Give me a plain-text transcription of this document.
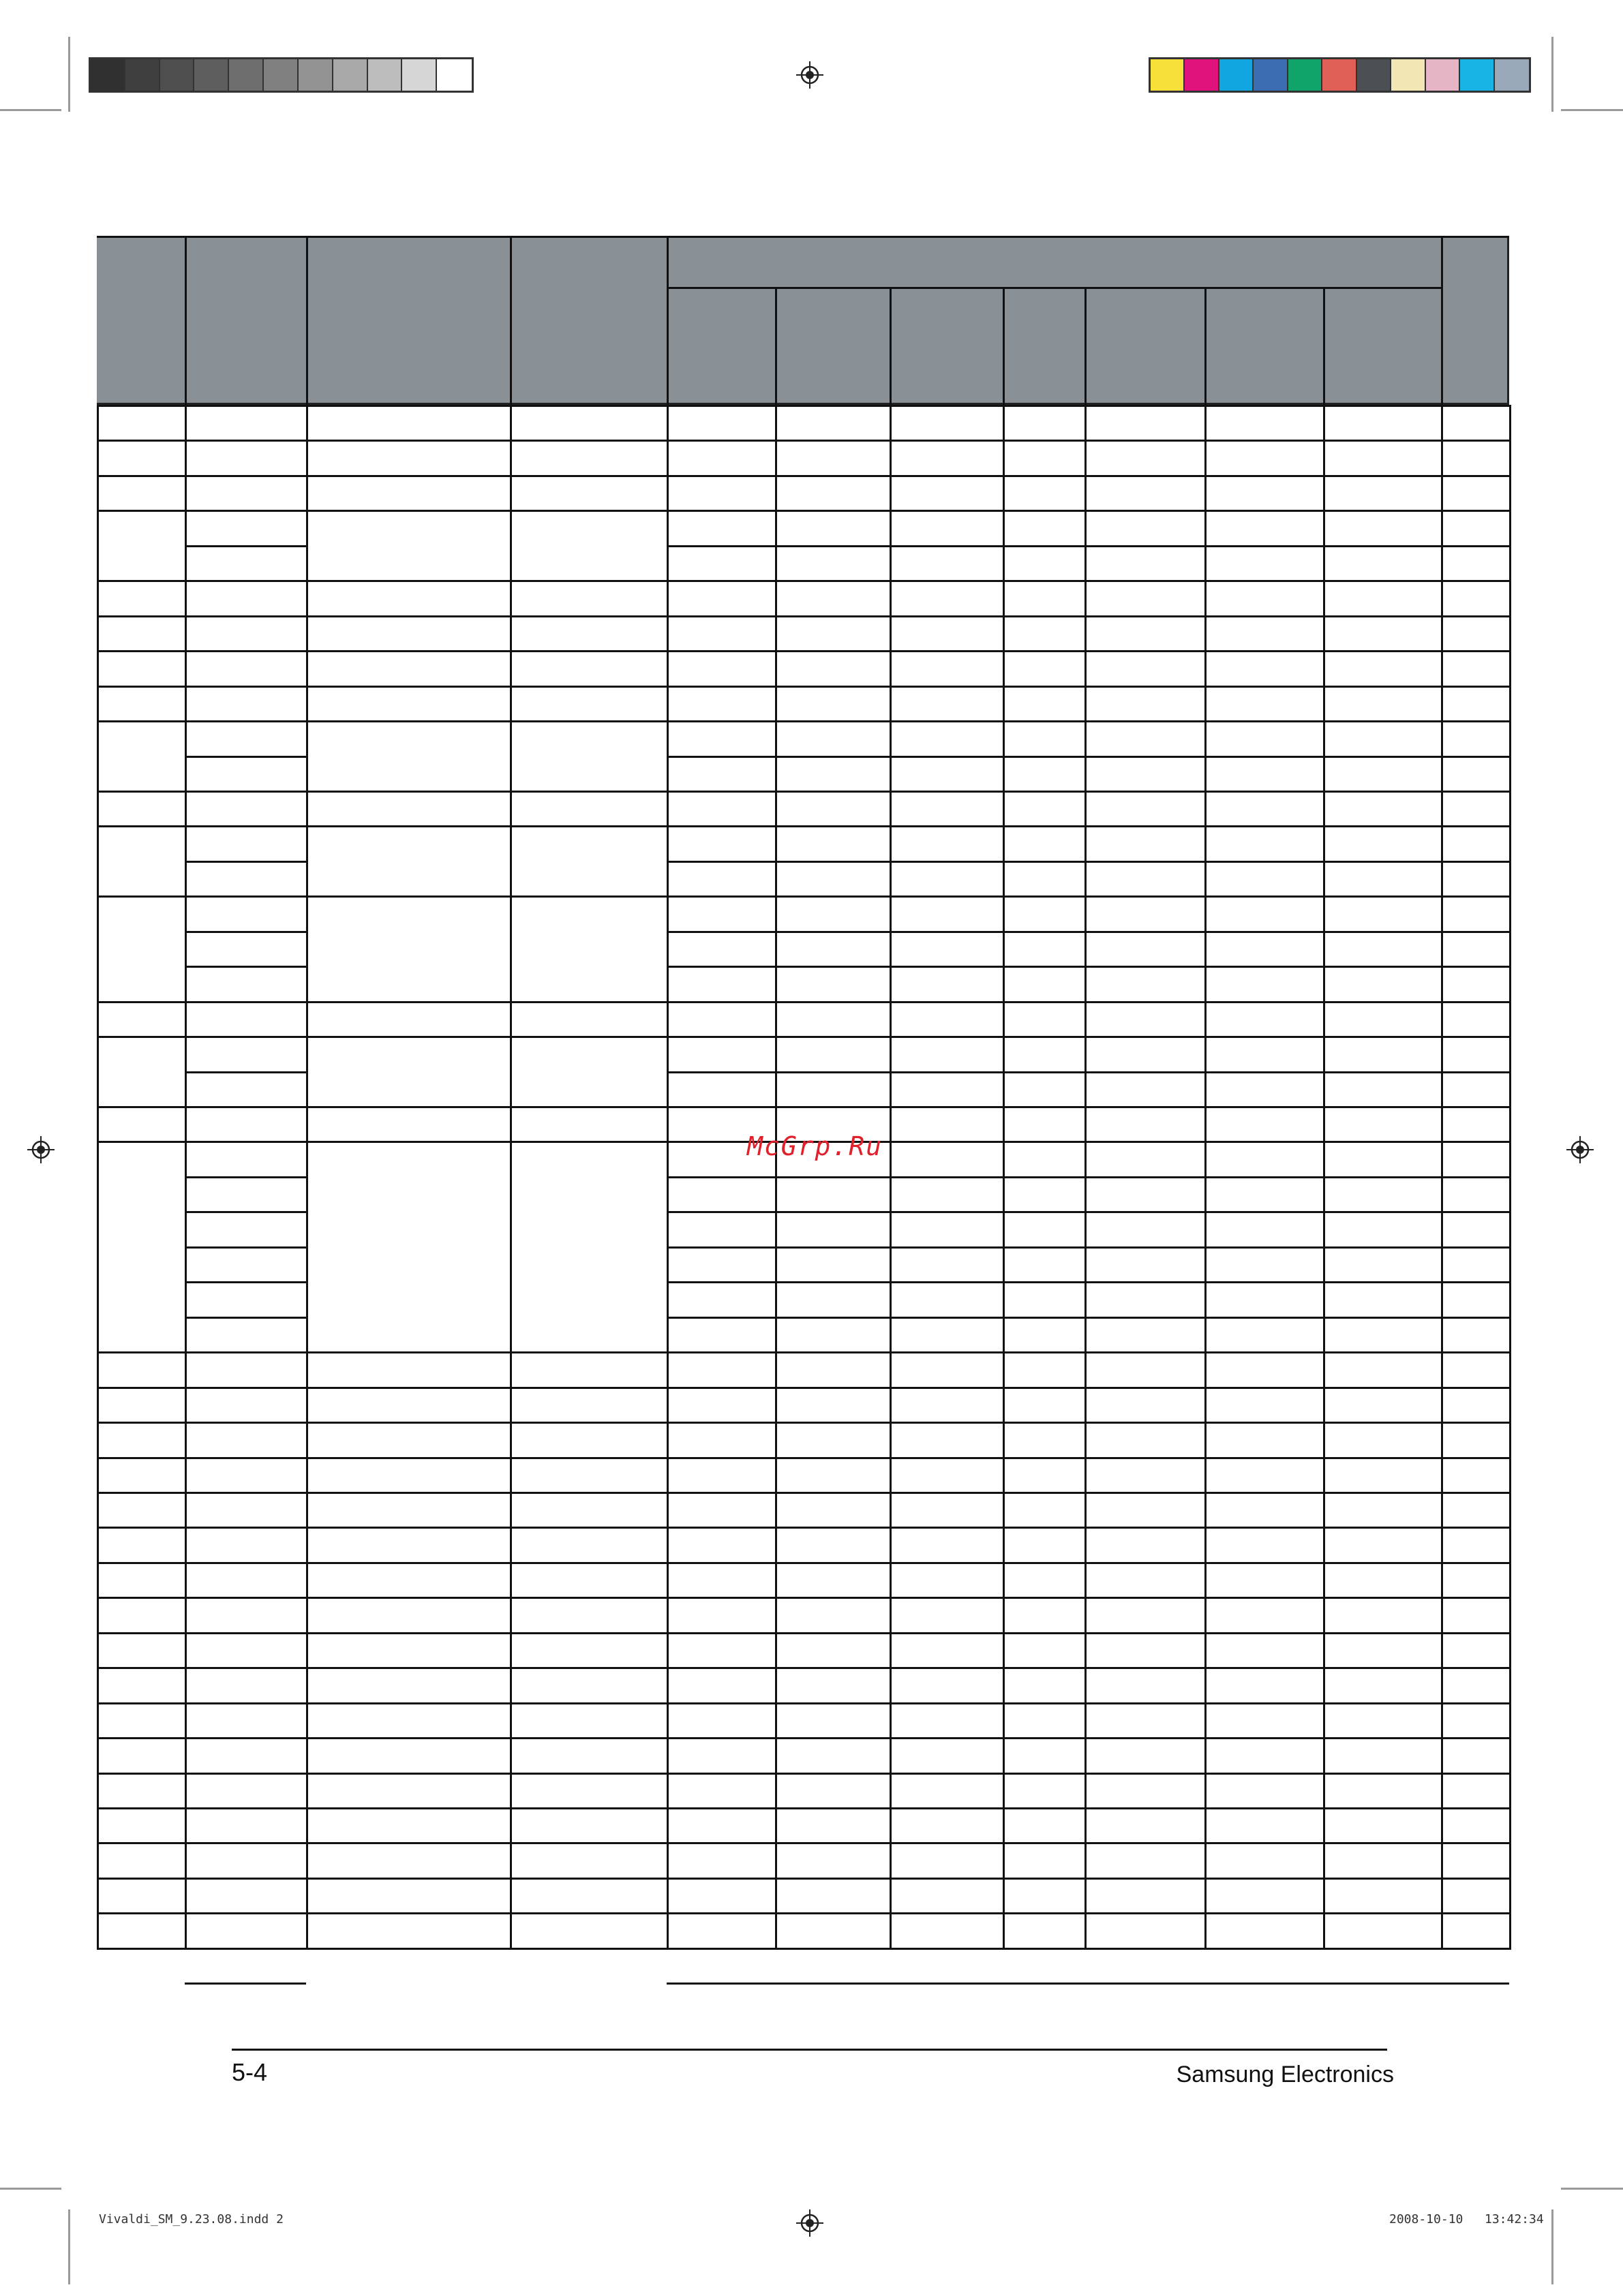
McGrp.Ru
5-4	Samsung Electronics
Vivaldi_SM_9.23.08.indd 2	2008-10-10 13:42:34
